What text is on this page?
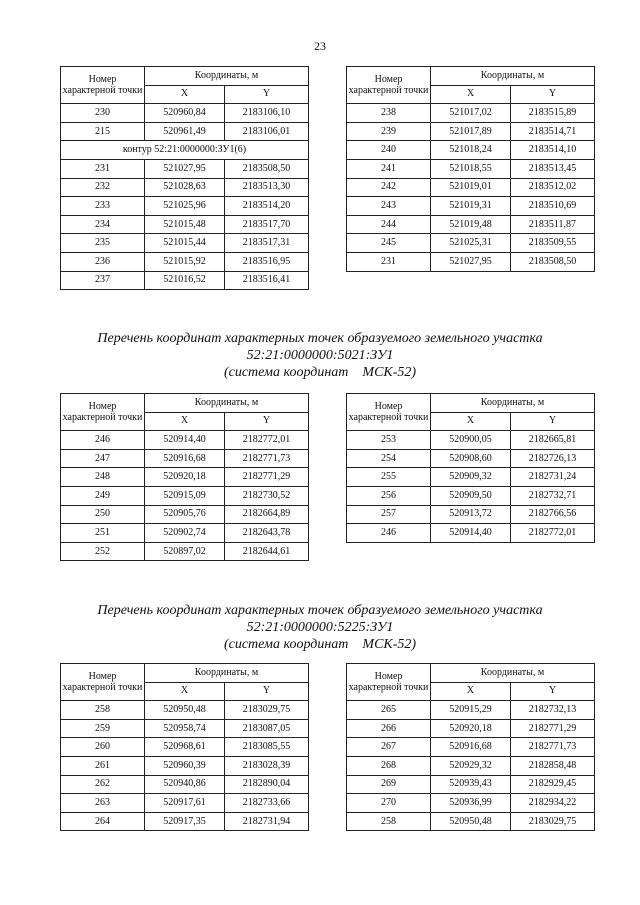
23
Номер характерной точки	Координаты, м	
	X	Y
230	520960,84	2183106,10
215	520961,49	2183106,01
контур 52:21:0000000:ЗУ1(6)		
231	521027,95	2183508,50
232	521028,63	2183513,30
233	521025,96	2183514,20
234	521015,48	2183517,70
235	521015,44	2183517,31
236	521015,92	2183516,95
237	521016,52	2183516,41
Номер характерной точки	Координаты, м	
	X	Y
238	521017,02	2183515,89
239	521017,89	2183514,71
240	521018,24	2183514,10
241	521018,55	2183513,45
242	521019,01	2183512,02
243	521019,31	2183510,69
244	521019,48	2183511,87
245	521025,31	2183509,55
231	521027,95	2183508,50
Перечень координат характерных точек образуемого земельного участка
52:21:0000000:5021:ЗУ1
(система координат    МСК-52)
Номер характерной точки	Координаты, м	
	X	Y
246	520914,40	2182772,01
247	520916,68	2182771,73
248	520920,18	2182771,29
249	520915,09	2182730,52
250	520905,76	2182664,89
251	520902,74	2182643,78
252	520897,02	2182644,61
Номер характерной точки	Координаты, м	
	X	Y
253	520900,05	2182665,81
254	520908,60	2182726,13
255	520909,32	2182731,24
256	520909,50	2182732,71
257	520913,72	2182766,56
246	520914,40	2182772,01
Перечень координат характерных точек образуемого земельного участка
52:21:0000000:5225:ЗУ1
(система координат    МСК-52)
Номер характерной точки	Координаты, м	
	X	Y
258	520950,48	2183029,75
259	520958,74	2183087,05
260	520968,61	2183085,55
261	520960,39	2183028,39
262	520940,86	2182890,04
263	520917,61	2182733,66
264	520917,35	2182731,94
Номер характерной точки	Координаты, м	
	X	Y
265	520915,29	2182732,13
266	520920,18	2182771,29
267	520916,68	2182771,73
268	520929,32	2182858,48
269	520939,43	2182929,45
270	520936,99	2182934,22
258	520950,48	2183029,75
